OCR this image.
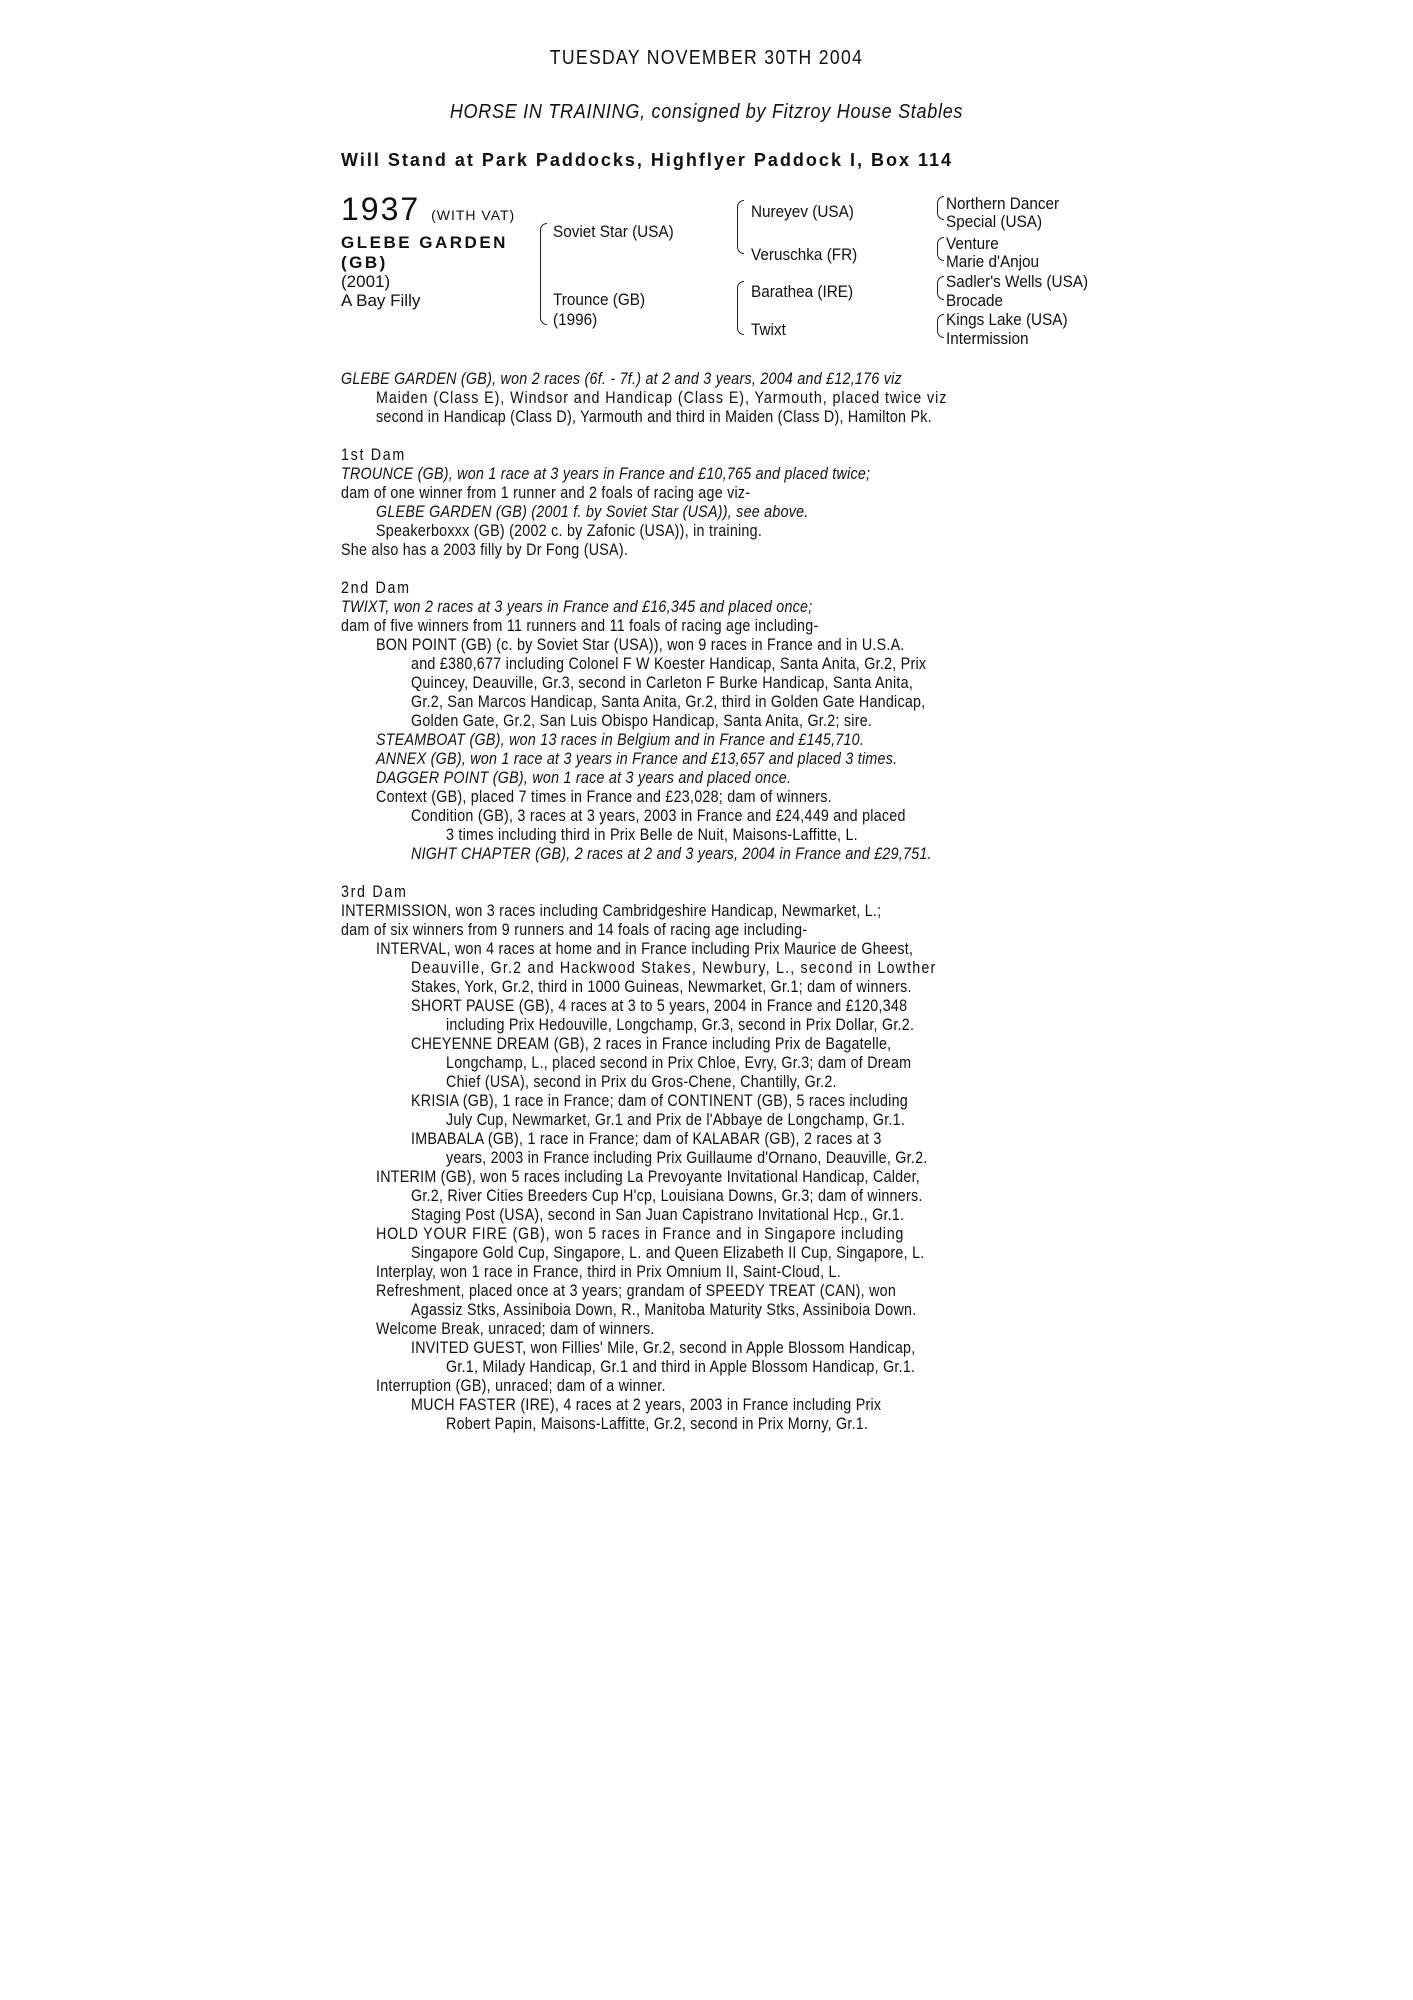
TUESDAY NOVEMBER 30TH 2004
HORSE IN TRAINING, consigned by Fitzroy House Stables
Will Stand at Park Paddocks, Highflyer Paddock I, Box 114
1937 (WITH VAT)
GLEBE GARDEN (GB)
(2001)
A Bay Filly
Soviet Star (USA)
Trounce (GB)
(1996)
Nureyev (USA)
Veruschka (FR)
Barathea (IRE)
Twixt
Northern Dancer
Special (USA)
Venture
Marie d'Anjou
Sadler's Wells (USA)
Brocade
Kings Lake (USA)
Intermission
GLEBE GARDEN (GB), won 2 races (6f. - 7f.) at 2 and 3 years, 2004 and £12,176 viz
Maiden (Class E), Windsor and Handicap (Class E), Yarmouth, placed twice viz
second in Handicap (Class D), Yarmouth and third in Maiden (Class D), Hamilton Pk.
1st Dam
TROUNCE (GB), won 1 race at 3 years in France and £10,765 and placed twice;
dam of one winner from 1 runner and 2 foals of racing age viz-
GLEBE GARDEN (GB) (2001 f. by Soviet Star (USA)), see above.
Speakerboxxx (GB) (2002 c. by Zafonic (USA)), in training.
She also has a 2003 filly by Dr Fong (USA).
2nd Dam
TWIXT, won 2 races at 3 years in France and £16,345 and placed once;
dam of five winners from 11 runners and 11 foals of racing age including-
BON POINT (GB) (c. by Soviet Star (USA)), won 9 races in France and in U.S.A.
and £380,677 including Colonel F W Koester Handicap, Santa Anita, Gr.2, Prix
Quincey, Deauville, Gr.3, second in Carleton F Burke Handicap, Santa Anita,
Gr.2, San Marcos Handicap, Santa Anita, Gr.2, third in Golden Gate Handicap,
Golden Gate, Gr.2, San Luis Obispo Handicap, Santa Anita, Gr.2; sire.
STEAMBOAT (GB), won 13 races in Belgium and in France and £145,710.
ANNEX (GB), won 1 race at 3 years in France and £13,657 and placed 3 times.
DAGGER POINT (GB), won 1 race at 3 years and placed once.
Context (GB), placed 7 times in France and £23,028; dam of winners.
Condition (GB), 3 races at 3 years, 2003 in France and £24,449 and placed
3 times including third in Prix Belle de Nuit, Maisons-Laffitte, L.
NIGHT CHAPTER (GB), 2 races at 2 and 3 years, 2004 in France and £29,751.
3rd Dam
INTERMISSION, won 3 races including Cambridgeshire Handicap, Newmarket, L.;
dam of six winners from 9 runners and 14 foals of racing age including-
INTERVAL, won 4 races at home and in France including Prix Maurice de Gheest,
Deauville, Gr.2 and Hackwood Stakes, Newbury, L., second in Lowther
Stakes, York, Gr.2, third in 1000 Guineas, Newmarket, Gr.1; dam of winners.
SHORT PAUSE (GB), 4 races at 3 to 5 years, 2004 in France and £120,348
including Prix Hedouville, Longchamp, Gr.3, second in Prix Dollar, Gr.2.
CHEYENNE DREAM (GB), 2 races in France including Prix de Bagatelle,
Longchamp, L., placed second in Prix Chloe, Evry, Gr.3; dam of Dream
Chief (USA), second in Prix du Gros-Chene, Chantilly, Gr.2.
KRISIA (GB), 1 race in France; dam of CONTINENT (GB), 5 races including
July Cup, Newmarket, Gr.1 and Prix de l'Abbaye de Longchamp, Gr.1.
IMBABALA (GB), 1 race in France; dam of KALABAR (GB), 2 races at 3
years, 2003 in France including Prix Guillaume d'Ornano, Deauville, Gr.2.
INTERIM (GB), won 5 races including La Prevoyante Invitational Handicap, Calder,
Gr.2, River Cities Breeders Cup H'cp, Louisiana Downs, Gr.3; dam of winners.
Staging Post (USA), second in San Juan Capistrano Invitational Hcp., Gr.1.
HOLD YOUR FIRE (GB), won 5 races in France and in Singapore including
Singapore Gold Cup, Singapore, L. and Queen Elizabeth II Cup, Singapore, L.
Interplay, won 1 race in France, third in Prix Omnium II, Saint-Cloud, L.
Refreshment, placed once at 3 years; grandam of SPEEDY TREAT (CAN), won
Agassiz Stks, Assiniboia Down, R., Manitoba Maturity Stks, Assiniboia Down.
Welcome Break, unraced; dam of winners.
INVITED GUEST, won Fillies' Mile, Gr.2, second in Apple Blossom Handicap,
Gr.1, Milady Handicap, Gr.1 and third in Apple Blossom Handicap, Gr.1.
Interruption (GB), unraced; dam of a winner.
MUCH FASTER (IRE), 4 races at 2 years, 2003 in France including Prix
Robert Papin, Maisons-Laffitte, Gr.2, second in Prix Morny, Gr.1.
